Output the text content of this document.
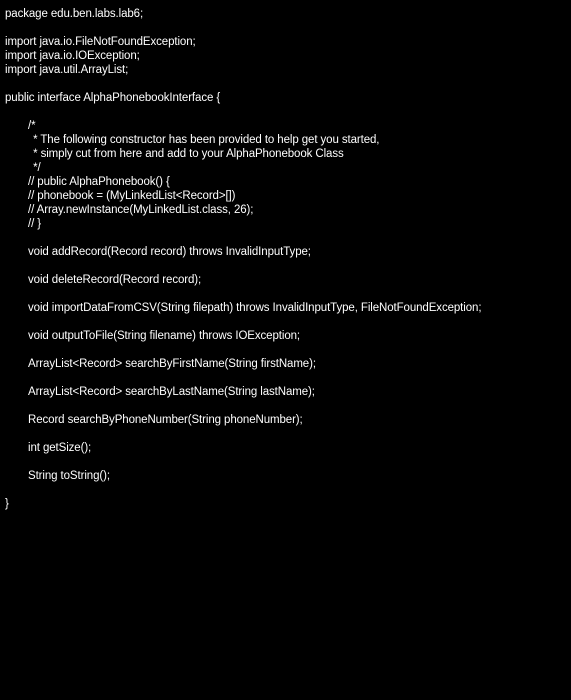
package edu.ben.labs.lab6;
import java.io.FileNotFoundException;
import java.io.IOException;
import java.util.ArrayList;
public interface AlphaPhonebookInterface {
/*
* The following constructor has been provided to help get you started,
* simply cut from here and add to your AlphaPhonebook Class
*/
// public AlphaPhonebook() {
// phonebook = (MyLinkedList<Record>[])
// Array.newInstance(MyLinkedList.class, 26);
// }
void addRecord(Record record) throws InvalidInputType;
void deleteRecord(Record record);
void importDataFromCSV(String filepath) throws InvalidInputType, FileNotFoundException;
void outputToFile(String filename) throws IOException;
ArrayList<Record> searchByFirstName(String firstName);
ArrayList<Record> searchByLastName(String lastName);
Record searchByPhoneNumber(String phoneNumber);
int getSize();
String toString();
}
